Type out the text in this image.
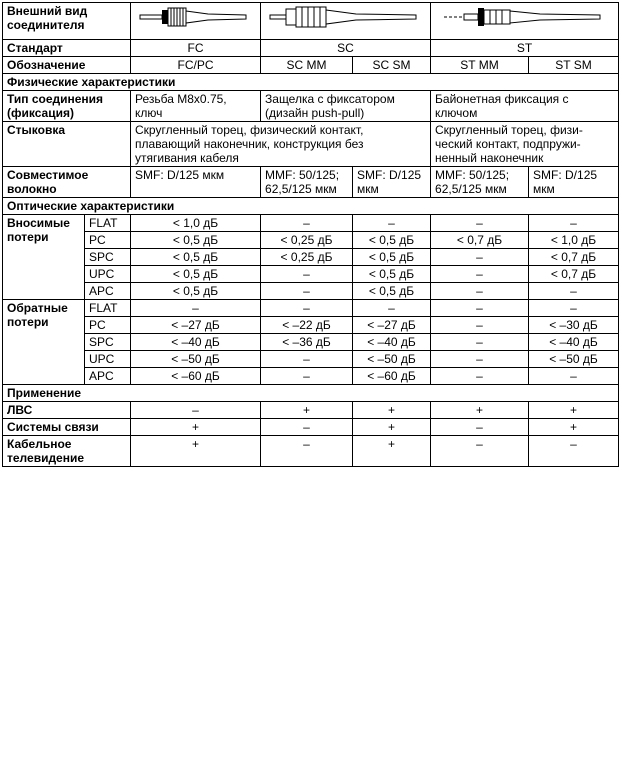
Внешний вид соединителя	

Стандарт		FC	SC		ST	
Обозначение		FC/PC	SC MM	SC SM	ST MM	ST SM
Физические характеристики						
Тип соединения (фиксация)		Резьба M8x0.75, ключ	Защелка с фиксатором (дизайн push-pull)		Байонетная фиксация с ключом	
Стыковка		Скругленный торец, физический контакт, плавающий наконечник, конструкция без утягивания кабеля			Скругленный торец, физи-ческий контакт, подпружи-ненный наконечник	
Совместимое волокно		SMF: D/125 мкм	MMF: 50/125; 62,5/125 мкм	SMF: D/125 мкм	MMF: 50/125; 62,5/125 мкм	SMF: D/125 мкм
Оптические характеристики						
Вносимые потери	FLAT	< 1,0 дБ	–	–	–	–
	PC	< 0,5 дБ	< 0,25 дБ	< 0,5 дБ	< 0,7 дБ	< 1,0 дБ
	SPC	< 0,5 дБ	< 0,25 дБ	< 0,5 дБ	–	< 0,7 дБ
	UPC	< 0,5 дБ	–	< 0,5 дБ	–	< 0,7 дБ
	APC	< 0,5 дБ	–	< 0,5 дБ	–	–
Обратные потери	FLAT	–	–	–	–	–
	PC	< –27 дБ	< –22 дБ	< –27 дБ	–	< –30 дБ
	SPC	< –40 дБ	< –36 дБ	< –40 дБ	–	< –40 дБ
	UPC	< –50 дБ	–	< –50 дБ	–	< –50 дБ
	APC	< –60 дБ	–	< –60 дБ	–	–
Применение						
ЛВС		–	+	+	+	+
Системы связи		+	–	+	–	+
Кабельное телевидение		+	–	+	–	–
